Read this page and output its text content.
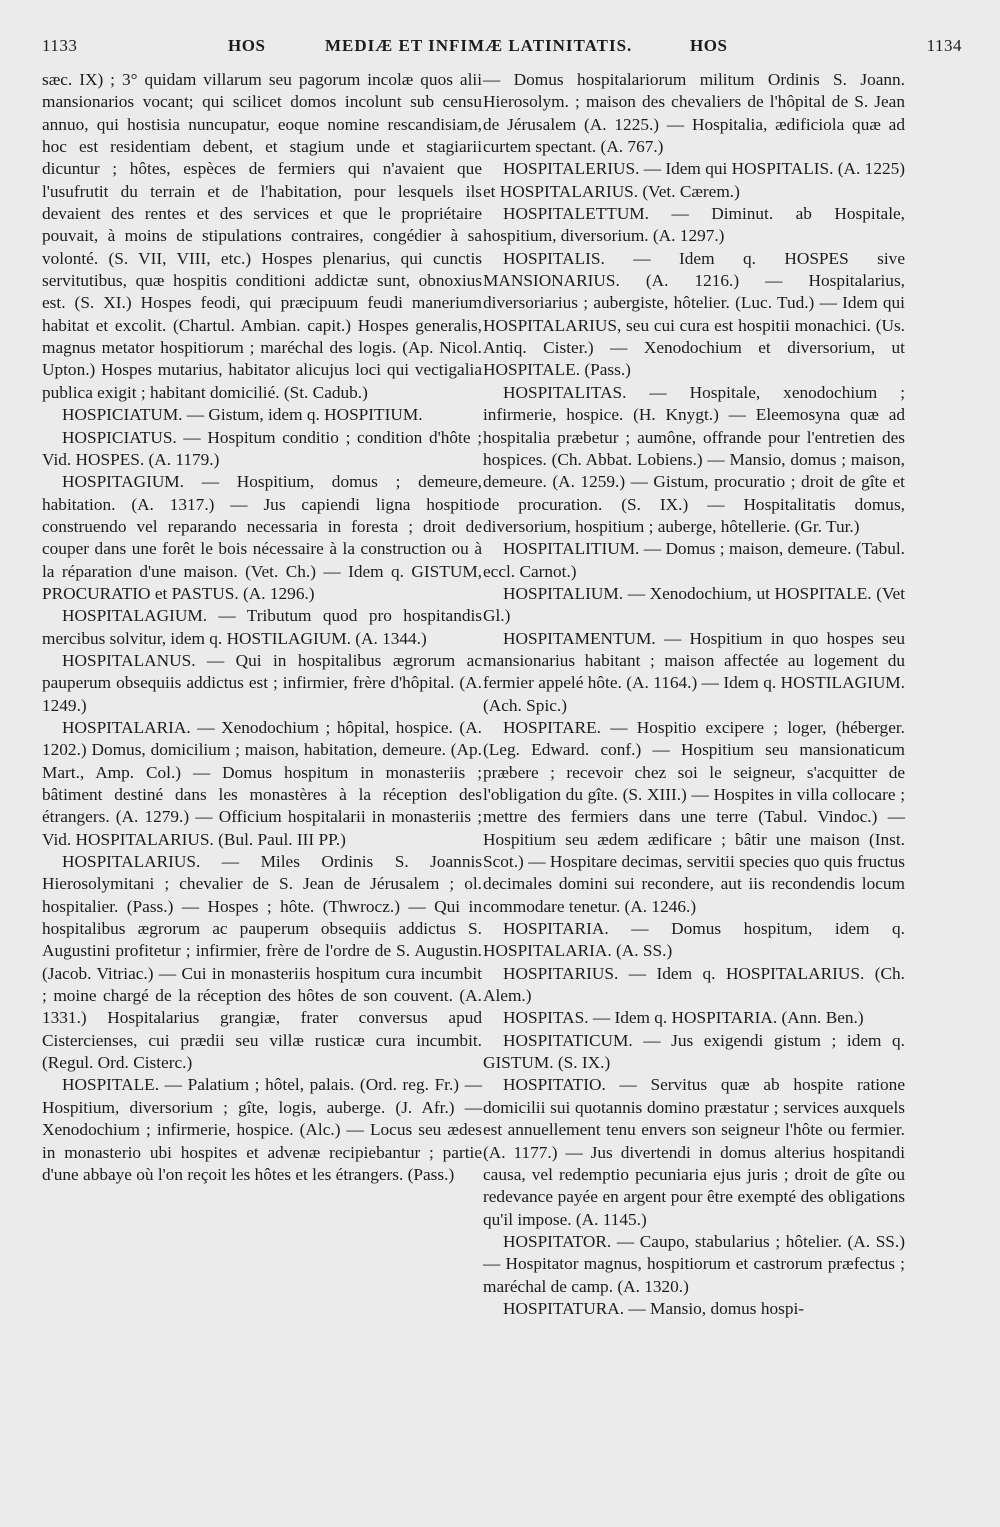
1133	HOS	MEDIÆ ET INFIMÆ LATINITATIS.	HOS	1134

sæc. IX) ; 3° quidam villarum seu pagorum incolæ quos alii mansionarios vocant; qui scilicet domos incolunt sub censu annuo, qui hostisia nuncupatur, eoque nomine rescandisiam, hoc est residentiam debent, et stagium unde et stagiarii dicuntur ; hôtes, espèces de fermiers qui n'avaient que l'usufrutit du terrain et de l'habitation, pour lesquels ils devaient des rentes et des services et que le propriétaire pouvait, à moins de stipulations contraires, congédier à sa volonté. (S. VII, VIII, etc.) Hospes plenarius, qui cunctis servitutibus, quæ hospitis conditioni addictæ sunt, obnoxius est. (S. XI.) Hospes feodi, qui præcipuum feudi manerium habitat et excolit. (Chartul. Ambian. capit.) Hospes generalis, magnus metator hospitiorum ; maréchal des logis. (Ap. Nicol. Upton.) Hospes mutarius, habitator alicujus loci qui vectigalia publica exigit ; habitant domicilié. (St. Cadub.)

HOSPICIATUM. — Gistum, idem q. HOSPITIUM.

HOSPICIATUS. — Hospitum conditio ; condition d'hôte ; Vid. HOSPES. (A. 1179.)

HOSPITAGIUM. — Hospitium, domus ; demeure, habitation. (A. 1317.) — Jus capiendi ligna hospitio construendo vel reparando necessaria in foresta ; droit de couper dans une forêt le bois nécessaire à la construction ou à la réparation d'une maison. (Vet. Ch.) — Idem q. GISTUM, PROCURATIO et PASTUS. (A. 1296.)

HOSPITALAGIUM. — Tributum quod pro hospitandis mercibus solvitur, idem q. HOSTILAGIUM. (A. 1344.)

HOSPITALANUS. — Qui in hospitalibus ægrorum ac pauperum obsequiis addictus est ; infirmier, frère d'hôpital. (A. 1249.)

HOSPITALARIA. — Xenodochium ; hôpital, hospice. (A. 1202.) Domus, domicilium ; maison, habitation, demeure. (Ap. Mart., Amp. Col.) — Domus hospitum in monasteriis ; bâtiment destiné dans les monastères à la réception des étrangers. (A. 1279.) — Officium hospitalarii in monasteriis ; Vid. HOSPITALARIUS. (Bul. Paul. III PP.)

HOSPITALARIUS. — Miles Ordinis S. Joannis Hierosolymitani ; chevalier de S. Jean de Jérusalem ; ol. hospitalier. (Pass.) — Hospes ; hôte. (Thwrocz.) — Qui in hospitalibus ægrorum ac pauperum obsequiis addictus S. Augustini profitetur ; infirmier, frère de l'ordre de S. Augustin. (Jacob. Vitriac.) — Cui in monasteriis hospitum cura incumbit ; moine chargé de la réception des hôtes de son couvent. (A. 1331.) Hospitalarius grangiæ, frater conversus apud Cistercienses, cui prædii seu villæ rusticæ cura incumbit. (Regul. Ord. Cisterc.)

HOSPITALE. — Palatium ; hôtel, palais. (Ord. reg. Fr.) — Hospitium, diversorium ; gîte, logis, auberge. (J. Afr.) — Xenodochium ; infirmerie, hospice. (Alc.) — Locus seu ædes in monasterio ubi hospites et advenæ recipiebantur ; partie d'une abbaye où l'on reçoit les hôtes et les étrangers. (Pass.)

— Domus hospitalariorum militum Ordinis S. Joann. Hierosolym. ; maison des chevaliers de l'hôpital de S. Jean de Jérusalem (A. 1225.) — Hospitalia, ædificiola quæ ad curtem spectant. (A. 767.)

HOSPITALERIUS. — Idem qui HOSPITALIS. (A. 1225) et HOSPITALARIUS. (Vet. Cærem.)

HOSPITALETTUM. — Diminut. ab Hospitale, hospitium, diversorium. (A. 1297.)

HOSPITALIS. — Idem q. HOSPES sive MANSIONARIUS. (A. 1216.) — Hospitalarius, diversoriarius ; aubergiste, hôtelier. (Luc. Tud.) — Idem qui HOSPITALARIUS, seu cui cura est hospitii monachici. (Us. Antiq. Cister.) — Xenodochium et diversorium, ut HOSPITALE. (Pass.)

HOSPITALITAS. — Hospitale, xenodochium ; infirmerie, hospice. (H. Knygt.) — Eleemosyna quæ ad hospitalia præbetur ; aumône, offrande pour l'entretien des hospices. (Ch. Abbat. Lobiens.) — Mansio, domus ; maison, demeure. (A. 1259.) — Gistum, procuratio ; droit de gîte et de procuration. (S. IX.) — Hospitalitatis domus, diversorium, hospitium ; auberge, hôtellerie. (Gr. Tur.)

HOSPITALITIUM. — Domus ; maison, demeure. (Tabul. eccl. Carnot.)

HOSPITALIUM. — Xenodochium, ut HOSPITALE. (Vet Gl.)

HOSPITAMENTUM. — Hospitium in quo hospes seu mansionarius habitant ; maison affectée au logement du fermier appelé hôte. (A. 1164.) — Idem q. HOSTILAGIUM. (Ach. Spic.)

HOSPITARE. — Hospitio excipere ; loger, (héberger. (Leg. Edward. conf.) — Hospitium seu mansionaticum præbere ; recevoir chez soi le seigneur, s'acquitter de l'obligation du gîte. (S. XIII.) — Hospites in villa collocare ; mettre des fermiers dans une terre (Tabul. Vindoc.) — Hospitium seu ædem ædificare ; bâtir une maison (Inst. Scot.) — Hospitare decimas, servitii species quo quis fructus decimales domini sui recondere, aut iis recondendis locum commodare tenetur. (A. 1246.)

HOSPITARIA. — Domus hospitum, idem q. HOSPITALARIA. (A. SS.)

HOSPITARIUS. — Idem q. HOSPITALARIUS. (Ch. Alem.)

HOSPITAS. — Idem q. HOSPITARIA. (Ann. Ben.)

HOSPITATICUM. — Jus exigendi gistum ; idem q. GISTUM. (S. IX.)

HOSPITATIO. — Servitus quæ ab hospite ratione domicilii sui quotannis domino præstatur ; services auxquels est annuellement tenu envers son seigneur l'hôte ou fermier. (A. 1177.) — Jus divertendi in domus alterius hospitandi causa, vel redemptio pecuniaria ejus juris ; droit de gîte ou redevance payée en argent pour être exempté des obligations qu'il impose. (A. 1145.)

HOSPITATOR. — Caupo, stabularius ; hôtelier. (A. SS.) — Hospitator magnus, hospitiorum et castrorum præfectus ; maréchal de camp. (A. 1320.)

HOSPITATURA. — Mansio, domus hospi-
